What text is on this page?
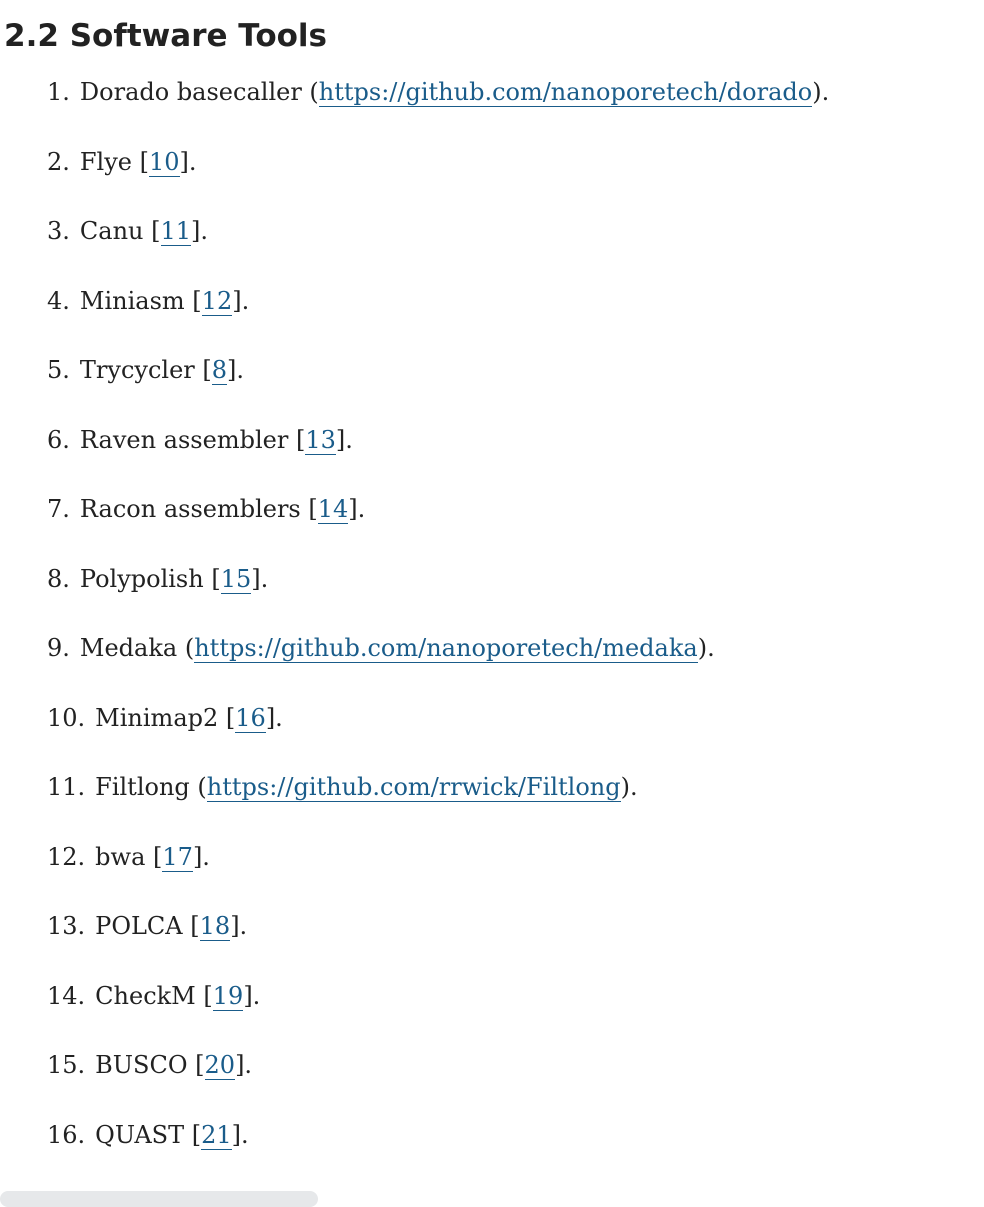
2.2 Software Tools
1. Dorado basecaller (https://github.com/nanoporetech/dorado).
2. Flye [10].
3. Canu [11].
4. Miniasm [12].
5. Trycycler [8].
6. Raven assembler [13].
7. Racon assemblers [14].
8. Polypolish [15].
9. Medaka (https://github.com/nanoporetech/medaka).
10. Minimap2 [16].
11. Filtlong (https://github.com/rrwick/Filtlong).
12. bwa [17].
13. POLCA [18].
14. CheckM [19].
15. BUSCO [20].
16. QUAST [21].
